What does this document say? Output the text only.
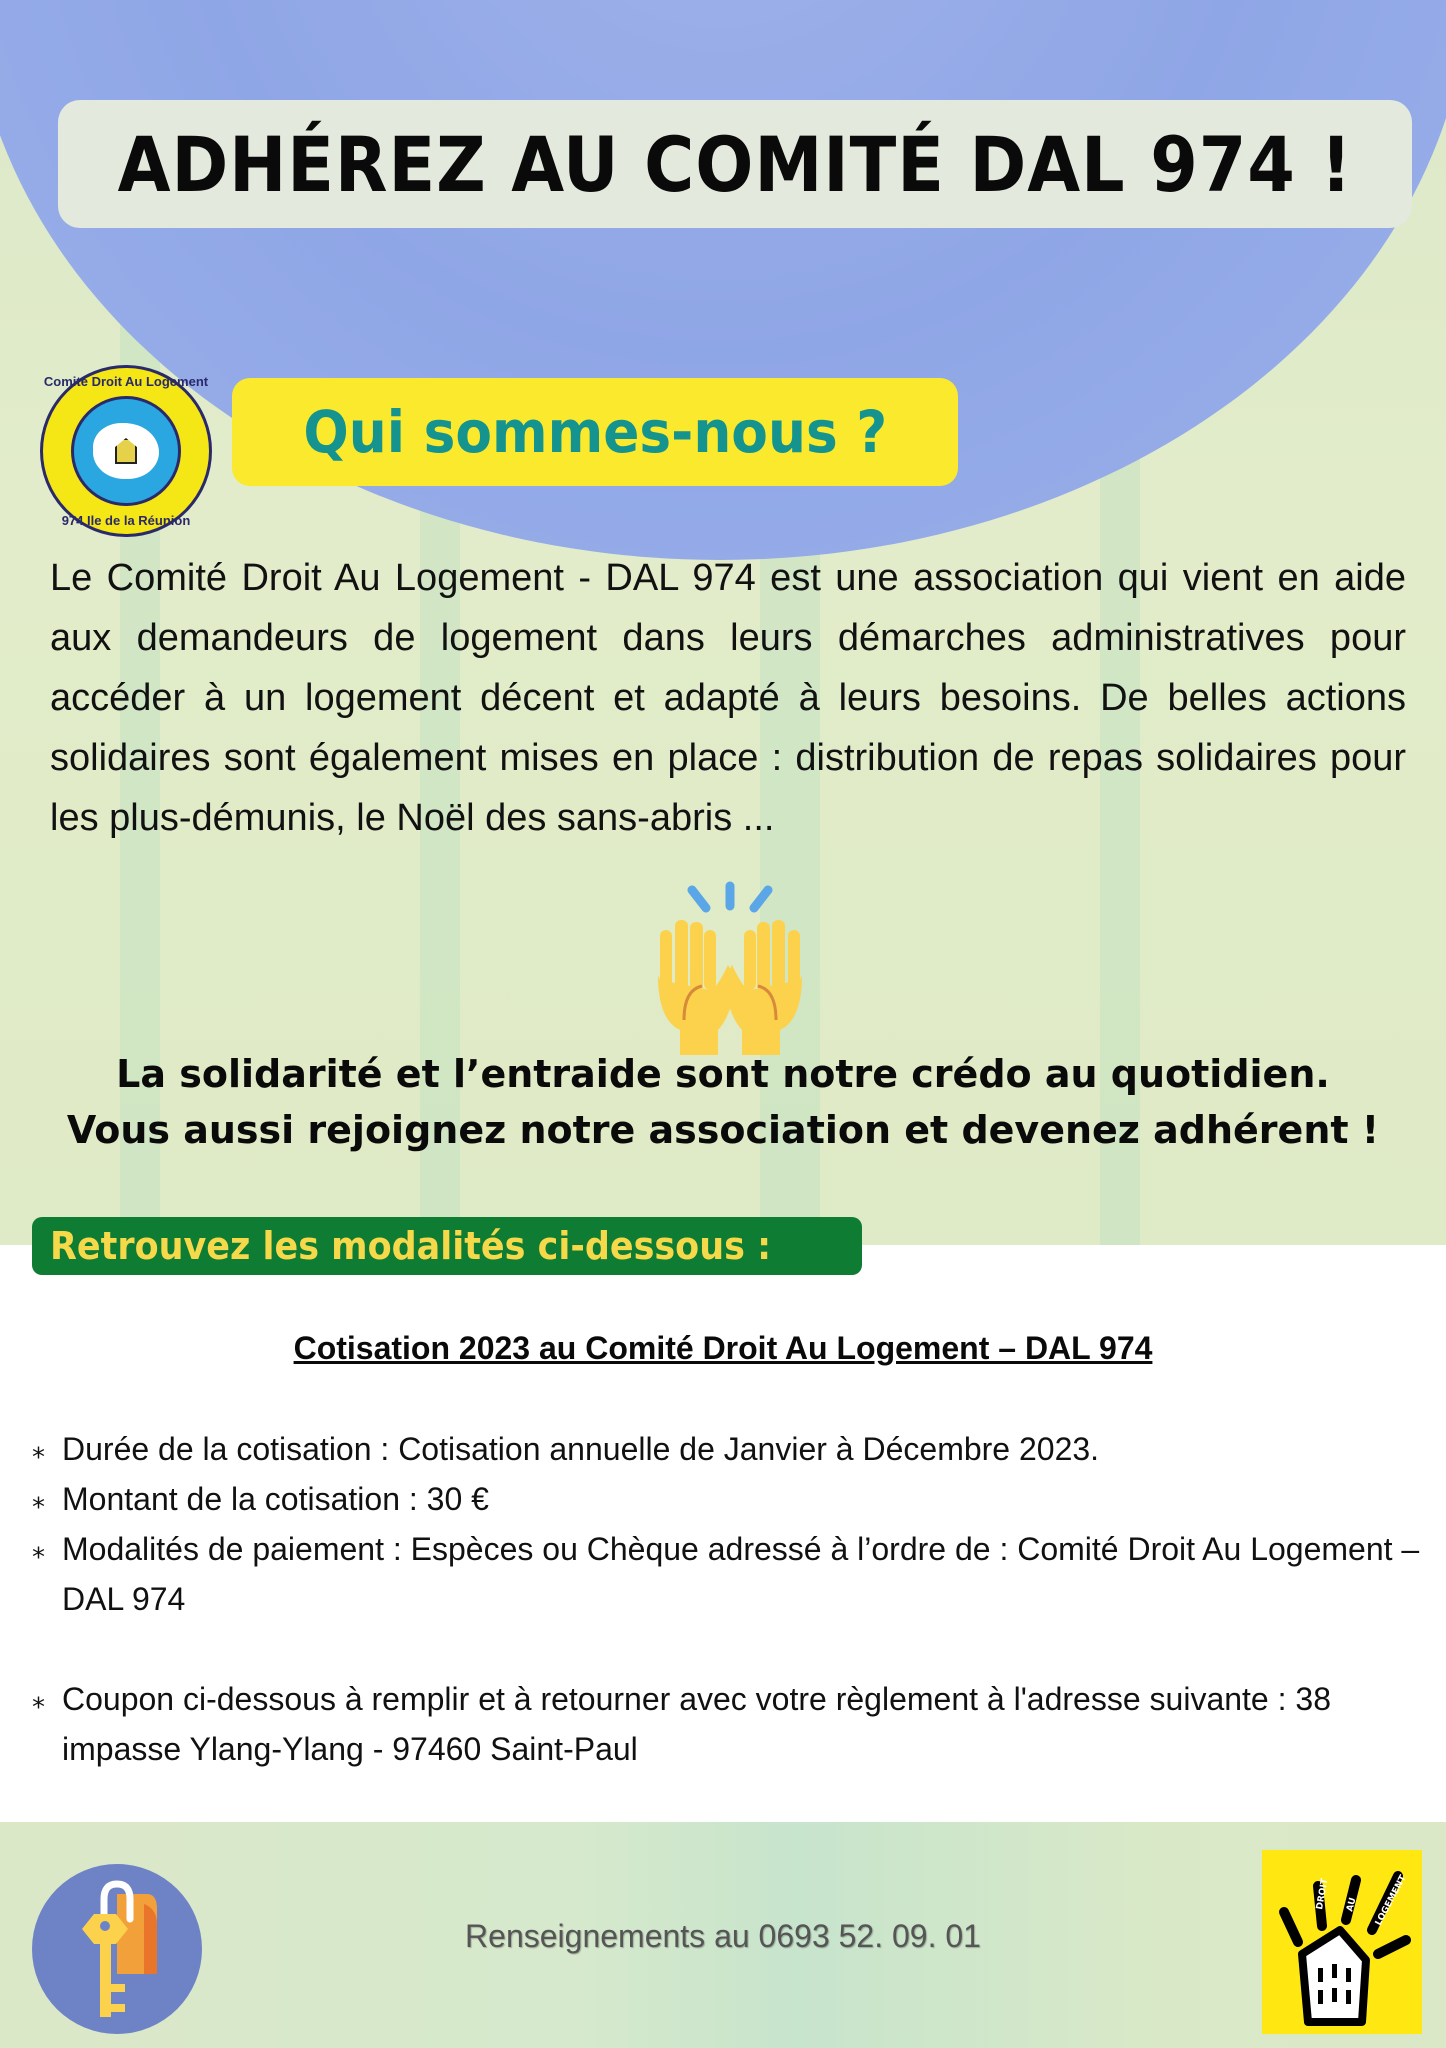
ADHÉREZ AU COMITÉ DAL 974 !
Comité Droit Au Logement
974 Ile de la Réunion
Qui sommes-nous ?
Le Comité Droit Au Logement - DAL 974 est une association qui vient en aide aux demandeurs de logement dans leurs démarches administratives pour accéder à un logement décent et adapté à leurs besoins. De belles actions solidaires sont également mises en place : distribution de repas solidaires pour les plus-démunis, le Noël des sans-abris ...
La solidarité et l’entraide sont notre crédo au quotidien.
Vous aussi rejoignez notre association et devenez adhérent !
Retrouvez les modalités ci-dessous :
Cotisation 2023 au Comité Droit Au Logement – DAL 974
⁎ Durée de la cotisation : Cotisation annuelle de Janvier à Décembre 2023.
⁎ Montant de la cotisation : 30 €
⁎ Modalités de paiement : Espèces ou Chèque adressé à l’ordre de : Comité Droit Au Logement – DAL 974
⁎ Coupon ci-dessous à remplir et à retourner avec votre règlement à l'adresse suivante : 38 impasse Ylang-Ylang - 97460 Saint-Paul
Renseignements au 0693 52. 09. 01
DROIT AU LOGEMENT
